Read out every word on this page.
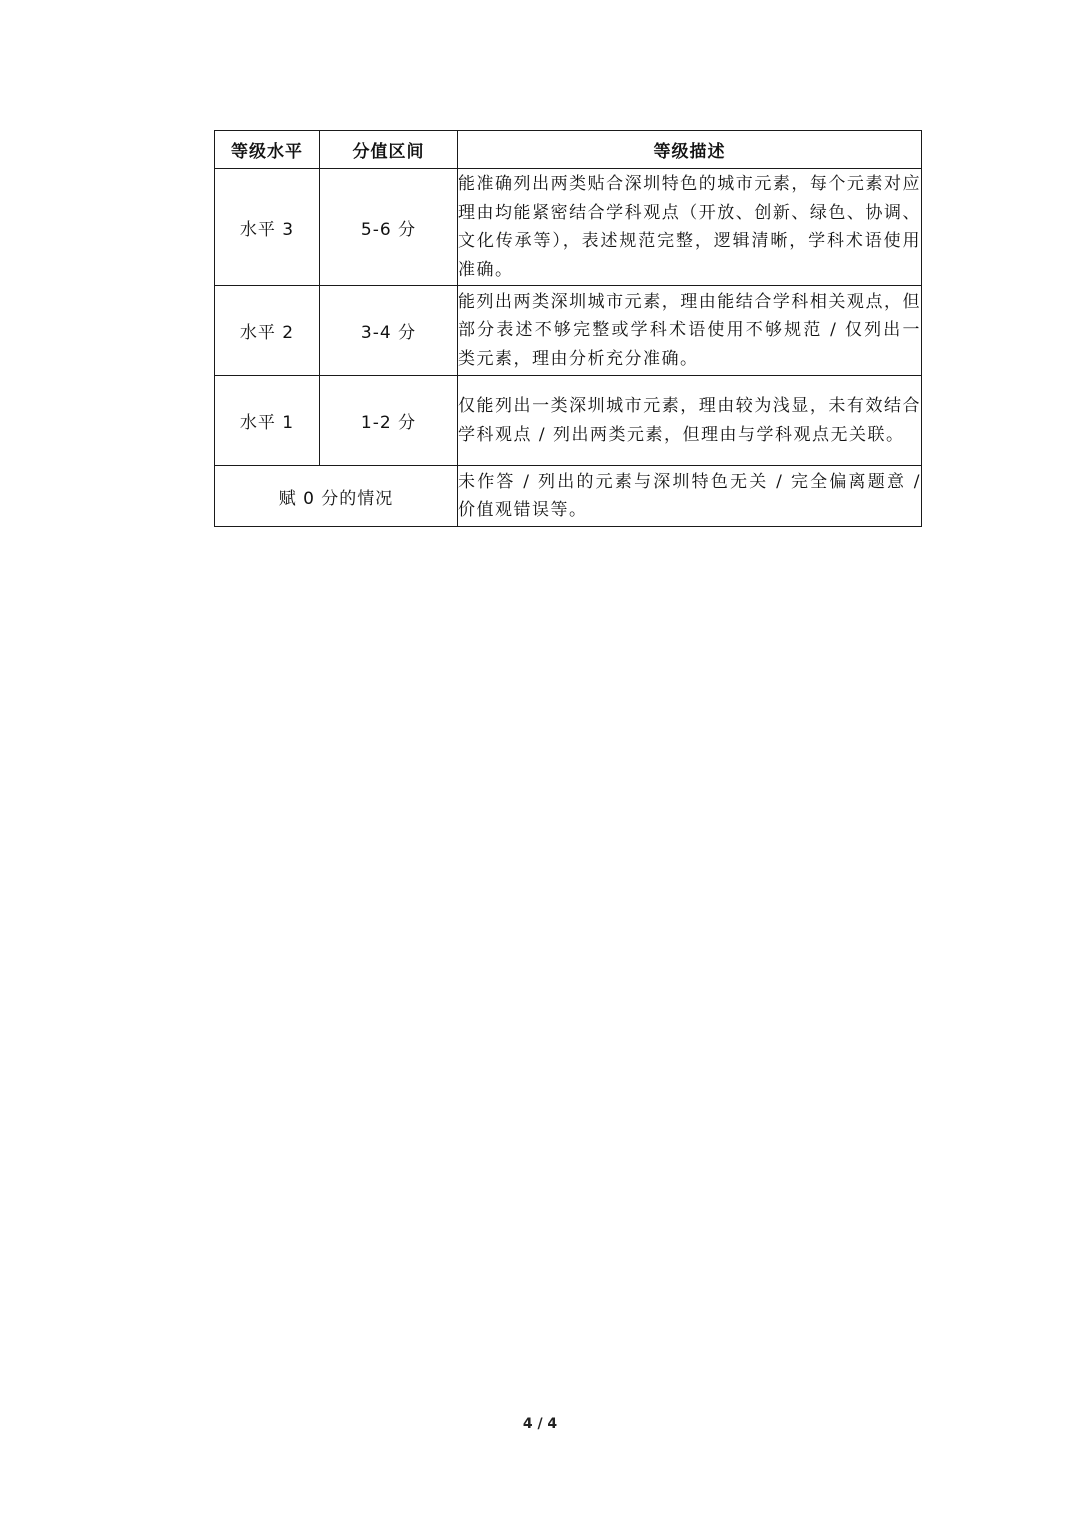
等级水平	分值区间	等级描述
水平 3	5-6 分	能准确列出两类贴合深圳特色的城市元素，每个元素对应理由均能紧密结合学科观点（开放、创新、绿色、协调、文化传承等），表述规范完整，逻辑清晰，学科术语使用准确。
水平 2	3-4 分	能列出两类深圳城市元素，理由能结合学科相关观点，但部分表述不够完整或学科术语使用不够规范 / 仅列出一类元素，理由分析充分准确。
水平 1	1-2 分	仅能列出一类深圳城市元素，理由较为浅显，未有效结合学科观点 / 列出两类元素，但理由与学科观点无关联。
赋 0 分的情况		未作答 / 列出的元素与深圳特色无关 / 完全偏离题意 / 价值观错误等。
4 / 4
